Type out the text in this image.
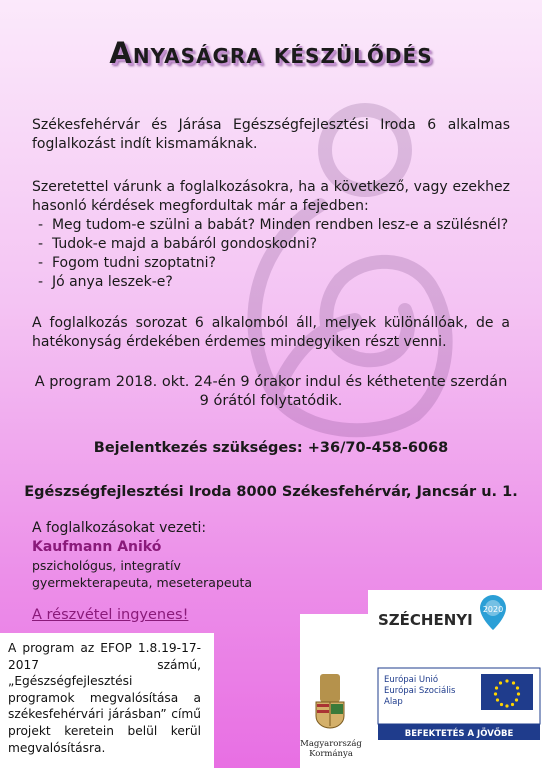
Anyaságra készülődés
Székesfehérvár és Járása Egészségfejlesztési Iroda 6 alkalmas foglalkozást indít kismamáknak.
Szeretettel várunk a foglalkozásokra, ha a következő, vagy ezekhez hasonló kérdések megfordultak már a fejedben:
- Meg tudom-e szülni a babát? Minden rendben lesz-e a szülésnél?
- Tudok-e majd a babáról gondoskodni?
- Fogom tudni szoptatni?
- Jó anya leszek-e?
A foglalkozás sorozat 6 alkalomból áll, melyek különállóak, de a hatékonyság érdekében érdemes mindegyiken részt venni.
A program 2018. okt. 24-én 9 órakor indul és kéthetente szerdán
9 órától folytatódik.
Bejelentkezés szükséges: +36/70-458-6068
Egészségfejlesztési Iroda 8000 Székesfehérvár, Jancsár u. 1.
A foglalkozásokat vezeti:
Kaufmann Anikó
pszichológus, integratív gyermekterapeuta, meseterapeuta
A részvétel ingyenes!
A program az EFOP 1.8.19-17-2017 számú, „Egészségfejlesztési programok megvalósítása a székesfehérvári járásban” című projekt keretein belül kerül megvalósításra.
SZÉCHENYI
2020
Magyarország
Kormánya
Európai Unió
Európai Szociális
Alap
BEFEKTETÉS A JÖVŐBE
